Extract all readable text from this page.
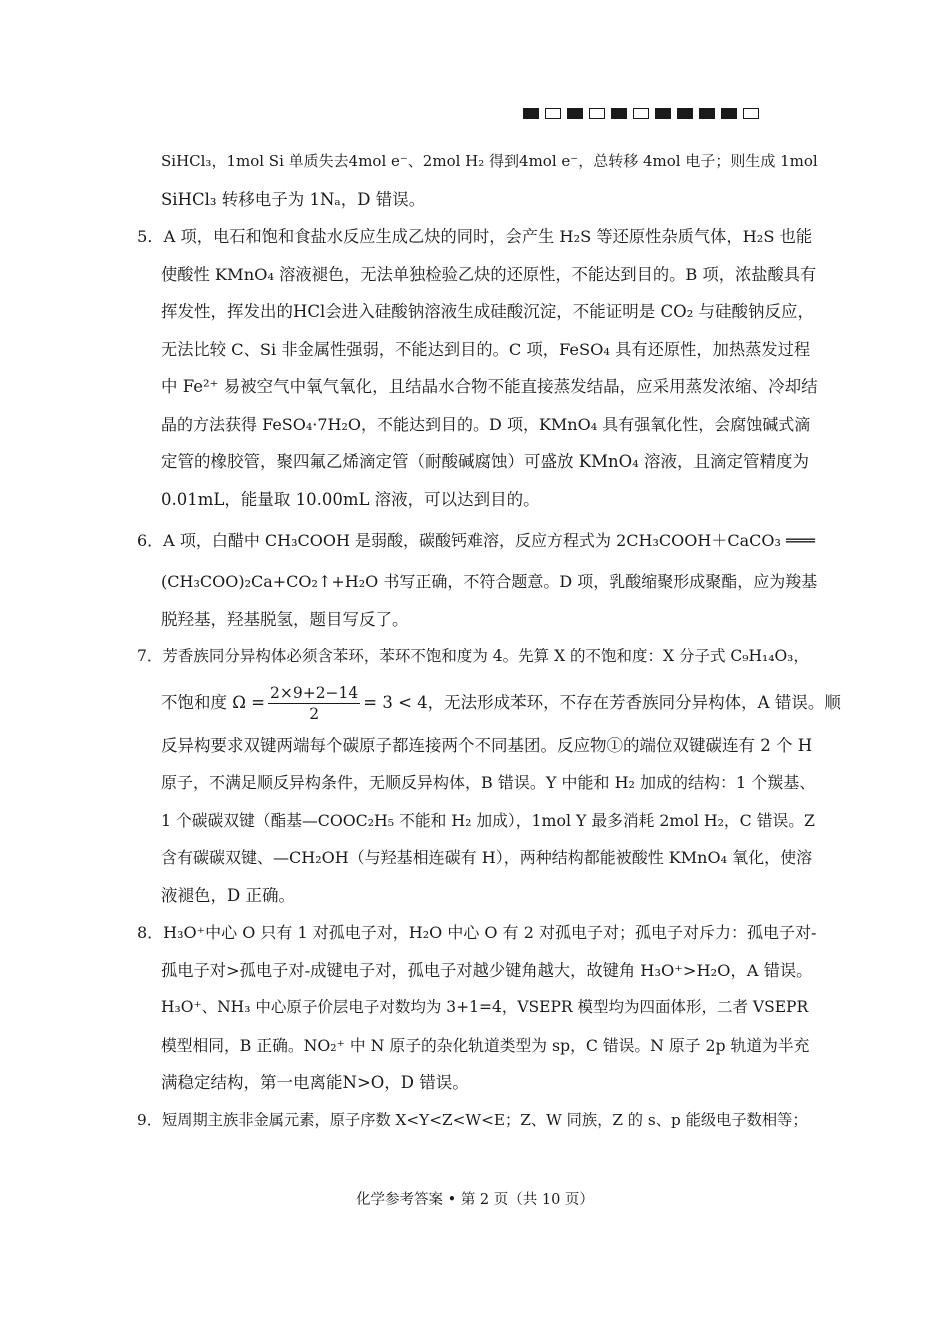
SiHCl₃，1mol Si 单质失去4mol e⁻、2mol H₂ 得到4mol e⁻，总转移 4mol 电子；则生成 1mol
SiHCl₃ 转移电子为 1Nₐ，D 错误。
5．A 项，电石和饱和食盐水反应生成乙炔的同时，会产生 H₂S 等还原性杂质气体，H₂S 也能
使酸性 KMnO₄ 溶液褪色，无法单独检验乙炔的还原性，不能达到目的。B 项，浓盐酸具有
挥发性，挥发出的HCl会进入硅酸钠溶液生成硅酸沉淀，不能证明是 CO₂ 与硅酸钠反应，
无法比较 C、Si 非金属性强弱，不能达到目的。C 项，FeSO₄ 具有还原性，加热蒸发过程
中 Fe²⁺ 易被空气中氧气氧化，且结晶水合物不能直接蒸发结晶，应采用蒸发浓缩、冷却结
晶的方法获得 FeSO₄·7H₂O，不能达到目的。D 项，KMnO₄ 具有强氧化性，会腐蚀碱式滴
定管的橡胶管，聚四氟乙烯滴定管（耐酸碱腐蚀）可盛放 KMnO₄ 溶液，且滴定管精度为
0.01mL，能量取 10.00mL 溶液，可以达到目的。
6．A 项，白醋中 CH₃COOH 是弱酸，碳酸钙难溶，反应方程式为 2CH₃COOH＋CaCO₃ ═══
(CH₃COO)₂Ca+CO₂↑+H₂O 书写正确，不符合题意。D 项，乳酸缩聚形成聚酯，应为羧基
脱羟基，羟基脱氢，题目写反了。
7．芳香族同分异构体必须含苯环，苯环不饱和度为 4。先算 X 的不饱和度：X 分子式 C₉H₁₄O₃，
不饱和度 $\Omega = \frac{2\times 9+2-14}{2} = 3 < 4$，无法形成苯环，不存在芳香族同分异构体，A 错误。顺
反异构要求双键两端每个碳原子都连接两个不同基团。反应物①的端位双键碳连有 2 个 H
原子，不满足顺反异构条件，无顺反异构体，B 错误。Y 中能和 H₂ 加成的结构：1 个羰基、
1 个碳碳双键（酯基—COOC₂H₅ 不能和 H₂ 加成），1mol Y 最多消耗 2mol H₂，C 错误。Z
含有碳碳双键、—CH₂OH（与羟基相连碳有 H），两种结构都能被酸性 KMnO₄ 氧化，使溶
液褪色，D 正确。
8．H₃O⁺中心 O 只有 1 对孤电子对，H₂O 中心 O 有 2 对孤电子对；孤电子对斥力：孤电子对-
孤电子对>孤电子对-成键电子对，孤电子对越少键角越大，故键角 H₃O⁺>H₂O，A 错误。
H₃O⁺、NH₃ 中心原子价层电子对数均为 3+1=4，VSEPR 模型均为四面体形，二者 VSEPR
模型相同，B 正确。NO₂⁺ 中 N 原子的杂化轨道类型为 sp，C 错误。N 原子 2p 轨道为半充
满稳定结构，第一电离能N>O，D 错误。
9．短周期主族非金属元素，原子序数 X<Y<Z<W<E；Z、W 同族，Z 的 s、p 能级电子数相等；
化学参考答案 • 第 2 页（共 10 页）
